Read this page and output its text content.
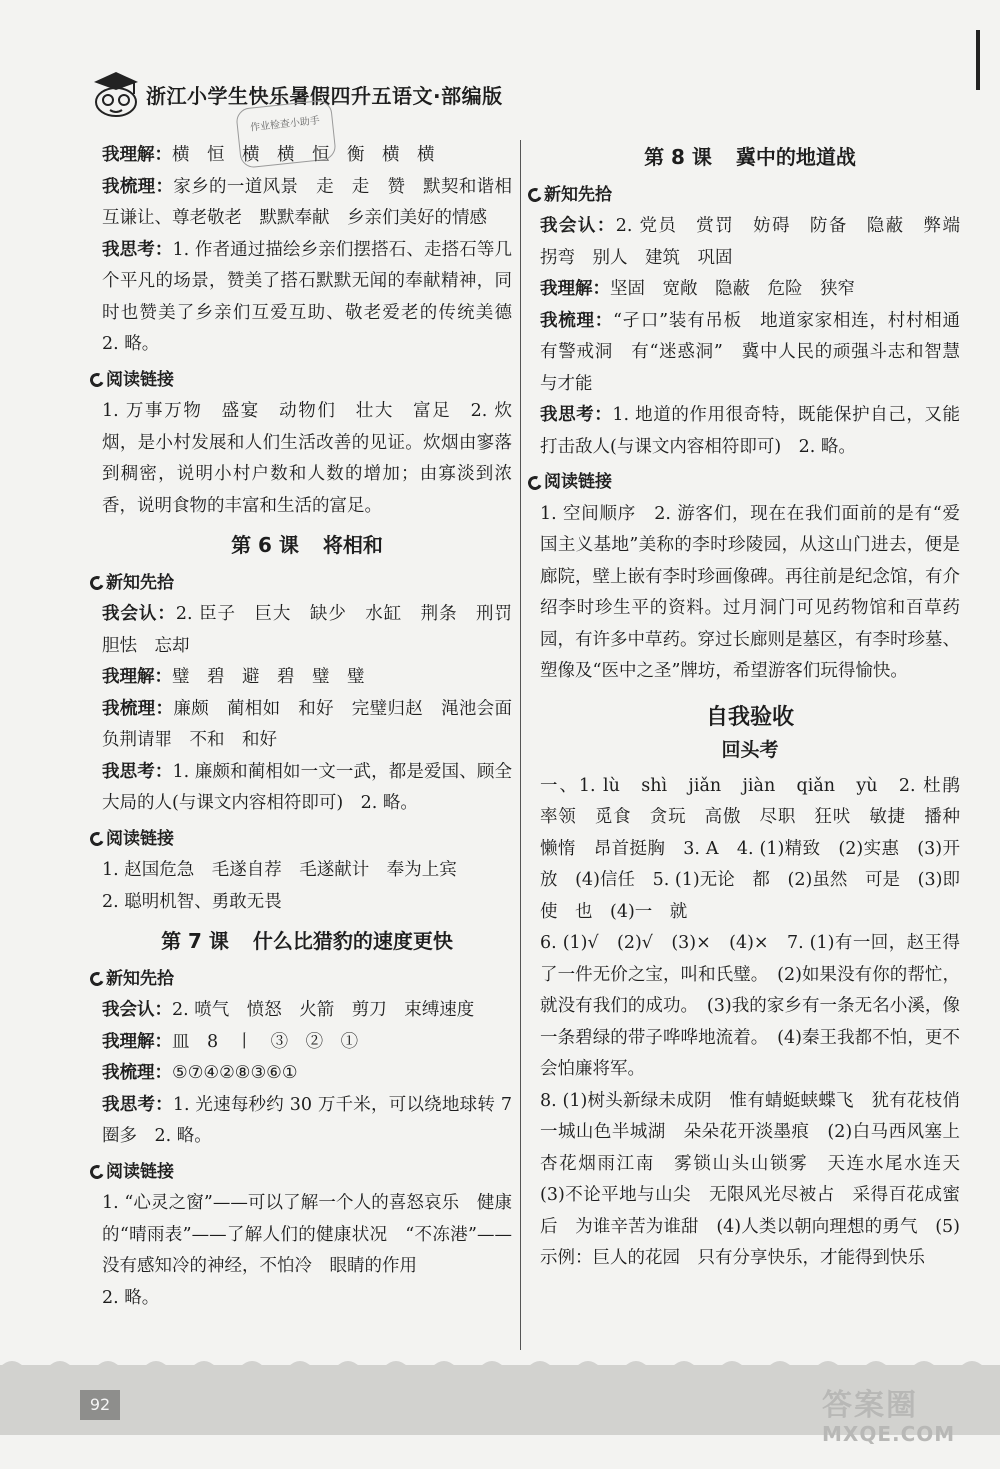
浙江小学生快乐暑假四升五语文·部编版
作业检查小助手

我理解：横　恒　横　横　恒　衡　横　横

我梳理：家乡的一道风景　走　走　赞　默契和谐相互谦让、尊老敬老　默默奉献　乡亲们美好的情感

我思考：1. 作者通过描绘乡亲们摆搭石、走搭石等几个平凡的场景，赞美了搭石默默无闻的奉献精神，同时也赞美了乡亲们互爱互助、敬老爱老的传统美德　2. 略。

阅读链接

1. 万事万物　盛宴　动物们　壮大　富足　2. 炊烟，是小村发展和人们生活改善的见证。炊烟由寥落到稠密，说明小村户数和人数的增加；由寡淡到浓香，说明食物的丰富和生活的富足。

第 6 课 将相和
新知先拾

我会认：2. 臣子　巨大　缺少　水缸　荆条　刑罚　胆怯　忘却

我理解：璧　碧　避　碧　璧　璧

我梳理：廉颇　蔺相如　和好　完璧归赵　渑池会面　负荆请罪　不和　和好

我思考：1. 廉颇和蔺相如一文一武，都是爱国、顾全大局的人(与课文内容相符即可)　2. 略。

阅读链接

1. 赵国危急　毛遂自荐　毛遂献计　奉为上宾

2. 聪明机智、勇敢无畏

第 7 课 什么比猎豹的速度更快
新知先拾

我会认：2. 喷气　愤怒　火箭　剪刀　束缚速度

我理解：皿　8　丨　③　②　①

我梳理：⑤⑦④②⑧③⑥①

我思考：1. 光速每秒约 30 万千米，可以绕地球转 7 圈多　2. 略。

阅读链接

1. “心灵之窗”——可以了解一个人的喜怒哀乐　健康的“晴雨表”——了解人们的健康状况　“不冻港”——没有感知冷的神经，不怕冷　眼睛的作用

2. 略。

第 8 课 冀中的地道战
新知先拾

我会认：2. 党员　赏罚　妨碍　防备　隐蔽　弊端　拐弯　别人　建筑　巩固

我理解：坚固　宽敞　隐蔽　危险　狭窄

我梳理：“孑口”装有吊板　地道家家相连，村村相通　有警戒洞　有“迷惑洞”　冀中人民的顽强斗志和智慧与才能

我思考：1. 地道的作用很奇特，既能保护自己，又能打击敌人(与课文内容相符即可)　2. 略。

阅读链接

1. 空间顺序　2. 游客们，现在在我们面前的是有“爱国主义基地”美称的李时珍陵园，从这山门进去，便是廊院，壁上嵌有李时珍画像碑。再往前是纪念馆，有介绍李时珍生平的资料。过月洞门可见药物馆和百草药园，有许多中草药。穿过长廊则是墓区，有李时珍墓、塑像及“医中之圣”牌坊，希望游客们玩得愉快。

自我验收
回头考

一、1. lù　shì　jiǎn　jiàn　qiǎn　yù　2. 杜鹃　率领　觅食　贪玩　高傲　尽职　狂吠　敏捷　播种　懒惰　昂首挺胸　3. A　4. (1)精致　(2)实惠　(3)开放　(4)信任　5. (1)无论　都　(2)虽然　可是　(3)即使　也　(4)一　就

6. (1)√　(2)√　(3)×　(4)×　7. (1)有一回，赵王得了一件无价之宝，叫和氏璧。　(2)如果没有你的帮忙，就没有我们的成功。　(3)我的家乡有一条无名小溪，像一条碧绿的带子哗哗地流着。　(4)秦王我都不怕，更不会怕廉将军。

8. (1)树头新绿未成阴　惟有蜻蜓蛱蝶飞　犹有花枝俏　一城山色半城湖　朵朵花开淡墨痕　(2)白马西风塞上　杏花烟雨江南　雾锁山头山锁雾　天连水尾水连天　(3)不论平地与山尖　无限风光尽被占　采得百花成蜜后　为谁辛苦为谁甜　(4)人类以朝向理想的勇气　(5)示例：巨人的花园　只有分享快乐，才能得到快乐

92	答案圈
MXQE.COM
